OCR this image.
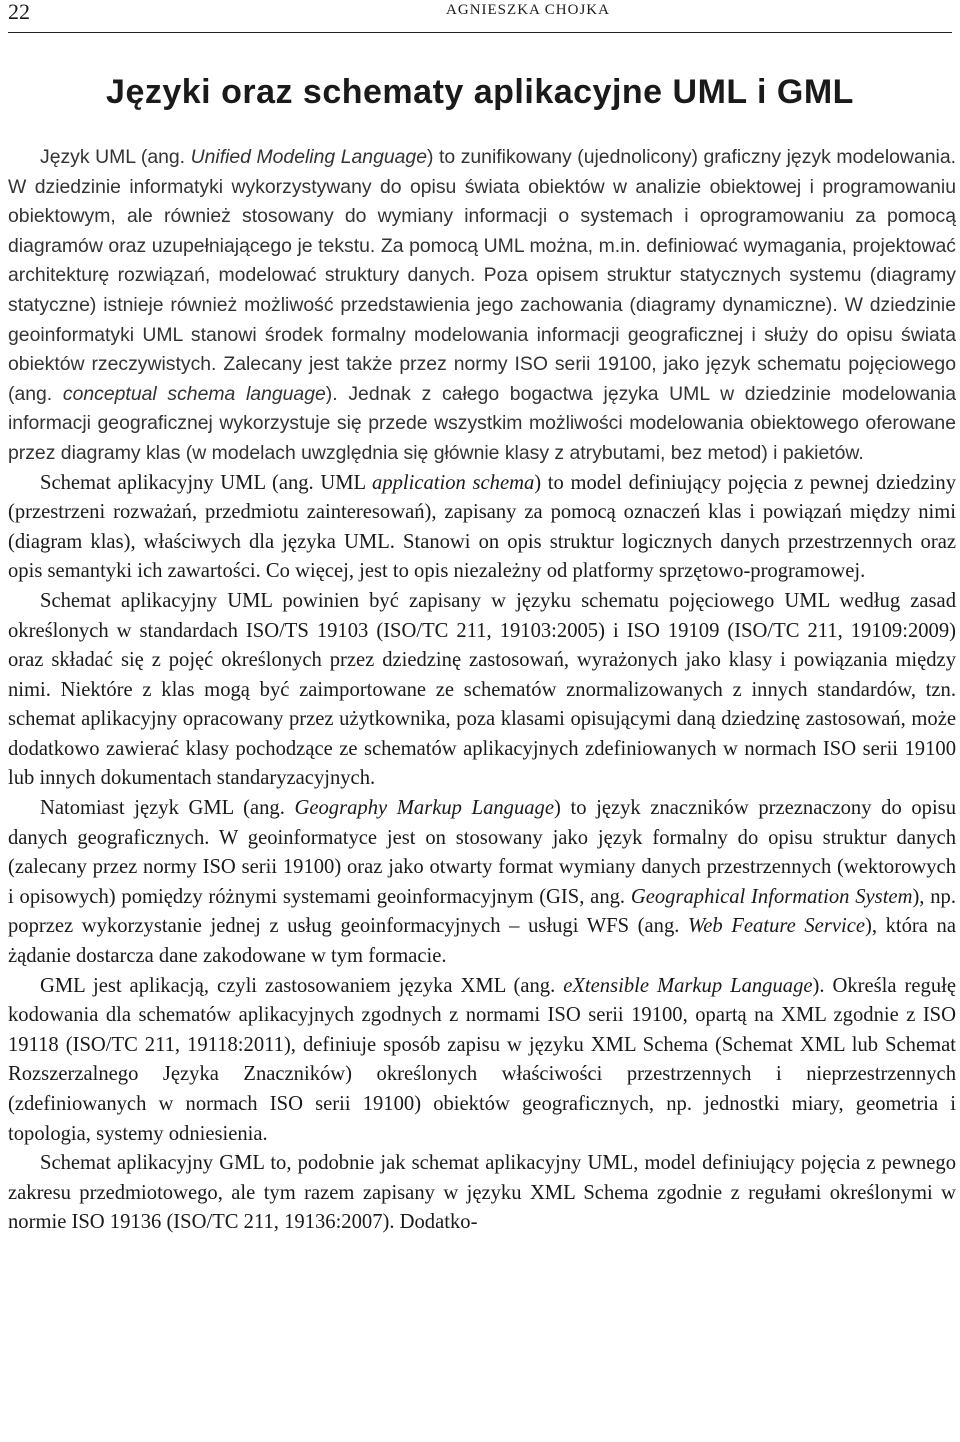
22	AGNIESZKA CHOJKA
Języki oraz schematy aplikacyjne UML i GML

Język UML (ang. Unified Modeling Language) to zunifikowany (ujednolicony) graficzny język modelowania. W dziedzinie informatyki wykorzystywany do opisu świata obiektów w analizie obiektowej i programowaniu obiektowym, ale również stosowany do wymiany informacji o systemach i oprogramowaniu za pomocą diagramów oraz uzupełniającego je tekstu. Za pomocą UML można, m.in. definiować wymagania, projektować architekturę rozwiązań, modelować struktury danych. Poza opisem struktur statycznych systemu (diagramy statyczne) istnieje również możliwość przedstawienia jego zachowania (diagramy dynamiczne). W dziedzinie geoinformatyki UML stanowi środek formalny modelowania informacji geograficznej i służy do opisu świata obiektów rzeczywistych. Zalecany jest także przez normy ISO serii 19100, jako język schematu pojęciowego (ang. conceptual schema language). Jednak z całego bogactwa języka UML w dziedzinie modelowania informacji geograficznej wykorzystuje się przede wszystkim możliwości modelowania obiektowego oferowane przez diagramy klas (w modelach uwzględnia się głównie klasy z atrybutami, bez metod) i pakietów.

Schemat aplikacyjny UML (ang. UML application schema) to model definiujący pojęcia z pewnej dziedziny (przestrzeni rozważań, przedmiotu zainteresowań), zapisany za pomocą oznaczeń klas i powiązań między nimi (diagram klas), właściwych dla języka UML. Stanowi on opis struktur logicznych danych przestrzennych oraz opis semantyki ich zawartości. Co więcej, jest to opis niezależny od platformy sprzętowo-programowej.

Schemat aplikacyjny UML powinien być zapisany w języku schematu pojęciowego UML według zasad określonych w standardach ISO/TS 19103 (ISO/TC 211, 19103:2005) i ISO 19109 (ISO/TC 211, 19109:2009) oraz składać się z pojęć określonych przez dziedzinę zastosowań, wyrażonych jako klasy i powiązania między nimi. Niektóre z klas mogą być zaimportowane ze schematów znormalizowanych z innych standardów, tzn. schemat aplikacyjny opracowany przez użytkownika, poza klasami opisującymi daną dziedzinę zastosowań, może dodatkowo zawierać klasy pochodzące ze schematów aplikacyjnych zdefiniowanych w normach ISO serii 19100 lub innych dokumentach standaryzacyjnych.

Natomiast język GML (ang. Geography Markup Language) to język znaczników przeznaczony do opisu danych geograficznych. W geoinformatyce jest on stosowany jako język formalny do opisu struktur danych (zalecany przez normy ISO serii 19100) oraz jako otwarty format wymiany danych przestrzennych (wektorowych i opisowych) pomiędzy różnymi systemami geoinformacyjnym (GIS, ang. Geographical Information System), np. poprzez wykorzystanie jednej z usług geoinformacyjnych – usługi WFS (ang. Web Feature Service), która na żądanie dostarcza dane zakodowane w tym formacie.

GML jest aplikacją, czyli zastosowaniem języka XML (ang. eXtensible Markup Language). Określa regułę kodowania dla schematów aplikacyjnych zgodnych z normami ISO serii 19100, opartą na XML zgodnie z ISO 19118 (ISO/TC 211, 19118:2011), definiuje sposób zapisu w języku XML Schema (Schemat XML lub Schemat Rozszerzalnego Języka Znaczników) określonych właściwości przestrzennych i nieprzestrzennych (zdefiniowanych w normach ISO serii 19100) obiektów geograficznych, np. jednostki miary, geometria i topologia, systemy odniesienia.

Schemat aplikacyjny GML to, podobnie jak schemat aplikacyjny UML, model definiujący pojęcia z pewnego zakresu przedmiotowego, ale tym razem zapisany w języku XML Schema zgodnie z regułami określonymi w normie ISO 19136 (ISO/TC 211, 19136:2007). Dodatko-
